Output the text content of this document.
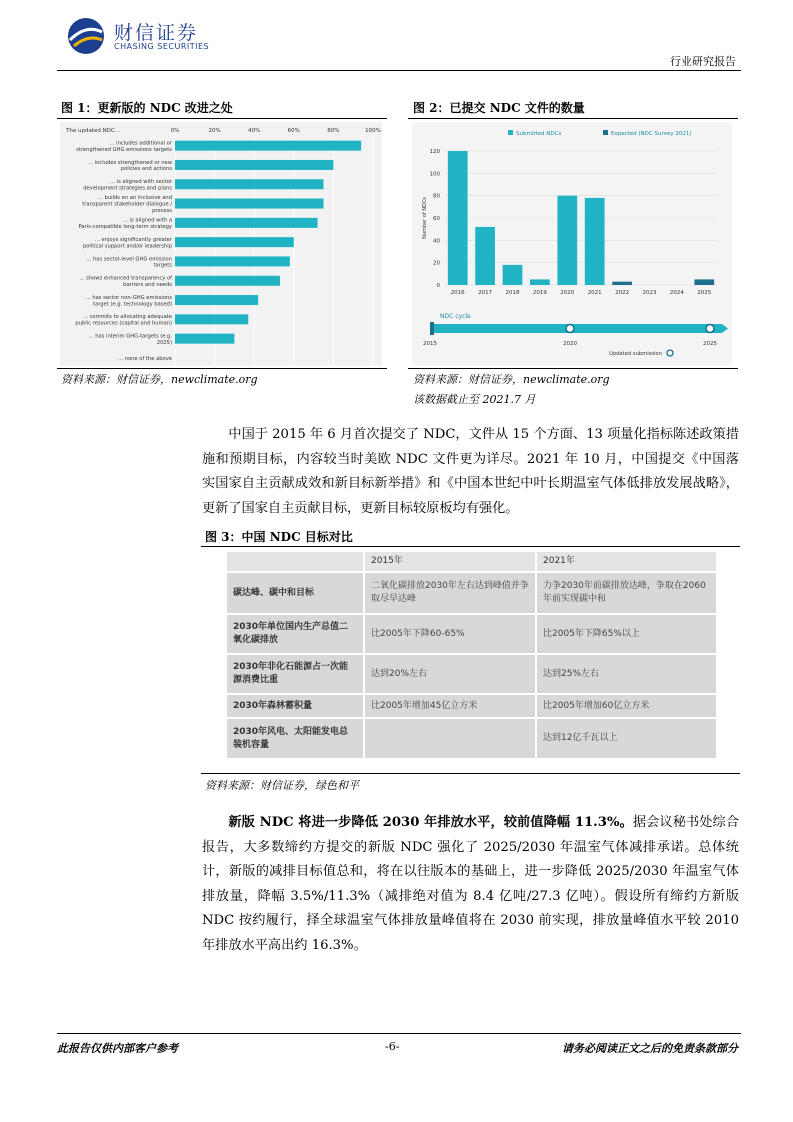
财信证券
CHASING SECURITIES
行业研究报告
图 1：更新版的 NDC 改进之处
The updated NDC...	0%	20%	40%	60%	80%	100%
... includes additional or strengthened GHG emissions targets
... includes strengthened or new policies and actions
... is aligned with sector development strategies and plans
... builds on an inclusive and transparent stakeholder dialogue / process
... is aligned with a Paris-compatible long-term strategy
... enjoys significantly greater political support and/or leadership
... has sector-level GHG emission targets
... shows enhanced transparency of barriers and needs
... has sector non-GHG emissions target (e.g. technology based)
... commits to allocating adequate public resources (capital and human)
... has interim GHG-targets (e.g. 2025)
... none of the above
资料来源：财信证券，newclimate.org
图 2：已提交 NDC 文件的数量
Submitted NDCs	Expected (NDC Survey 2021)
0
20
40
60
80
100
120
Number of NDCs
2016 2017 2018 2019 2020 2021 2022 2023 2024 2025
NDC cycle
2015	2020	2025
Updated submission
资料来源：财信证券，newclimate.org
该数据截止至 2021.7 月

中国于 2015 年 6 月首次提交了 NDC，文件从 15 个方面、13 项量化指标陈述政策措施和预期目标，内容较当时美欧 NDC 文件更为详尽。2021 年 10 月，中国提交《中国落实国家自主贡献成效和新目标新举措》和《中国本世纪中叶长期温室气体低排放发展战略》，更新了国家自主贡献目标，更新目标较原板均有强化。

图 3：中国 NDC 目标对比
	2015年	2021年
碳达峰、碳中和目标	二氧化碳排放2030年左右达到峰值并争取尽早达峰	力争2030年前碳排放达峰，争取在2060年前实现碳中和
2030年单位国内生产总值二氧化碳排放	比2005年下降60-65%	比2005年下降65%以上
2030年非化石能源占一次能源消费比重	达到20%左右	达到25%左右
2030年森林蓄积量	比2005年增加45亿立方米	比2005年增加60亿立方米
2030年风电、太阳能发电总装机容量		达到12亿千瓦以上
资料来源：财信证券，绿色和平

新版 NDC 将进一步降低 2030 年排放水平，较前值降幅 11.3%。据会议秘书处综合报告，大多数缔约方提交的新版 NDC 强化了 2025/2030 年温室气体减排承诺。总体统计，新版的减排目标值总和，将在以往版本的基础上，进一步降低 2025/2030 年温室气体排放量，降幅 3.5%/11.3%（减排绝对值为 8.4 亿吨/27.3 亿吨）。假设所有缔约方新版 NDC 按约履行，择全球温室气体排放量峰值将在 2030 前实现，排放量峰值水平较 2010 年排放水平高出约 16.3%。

此报告仅供内部客户参考	-6-	请务必阅读正文之后的免责条款部分
